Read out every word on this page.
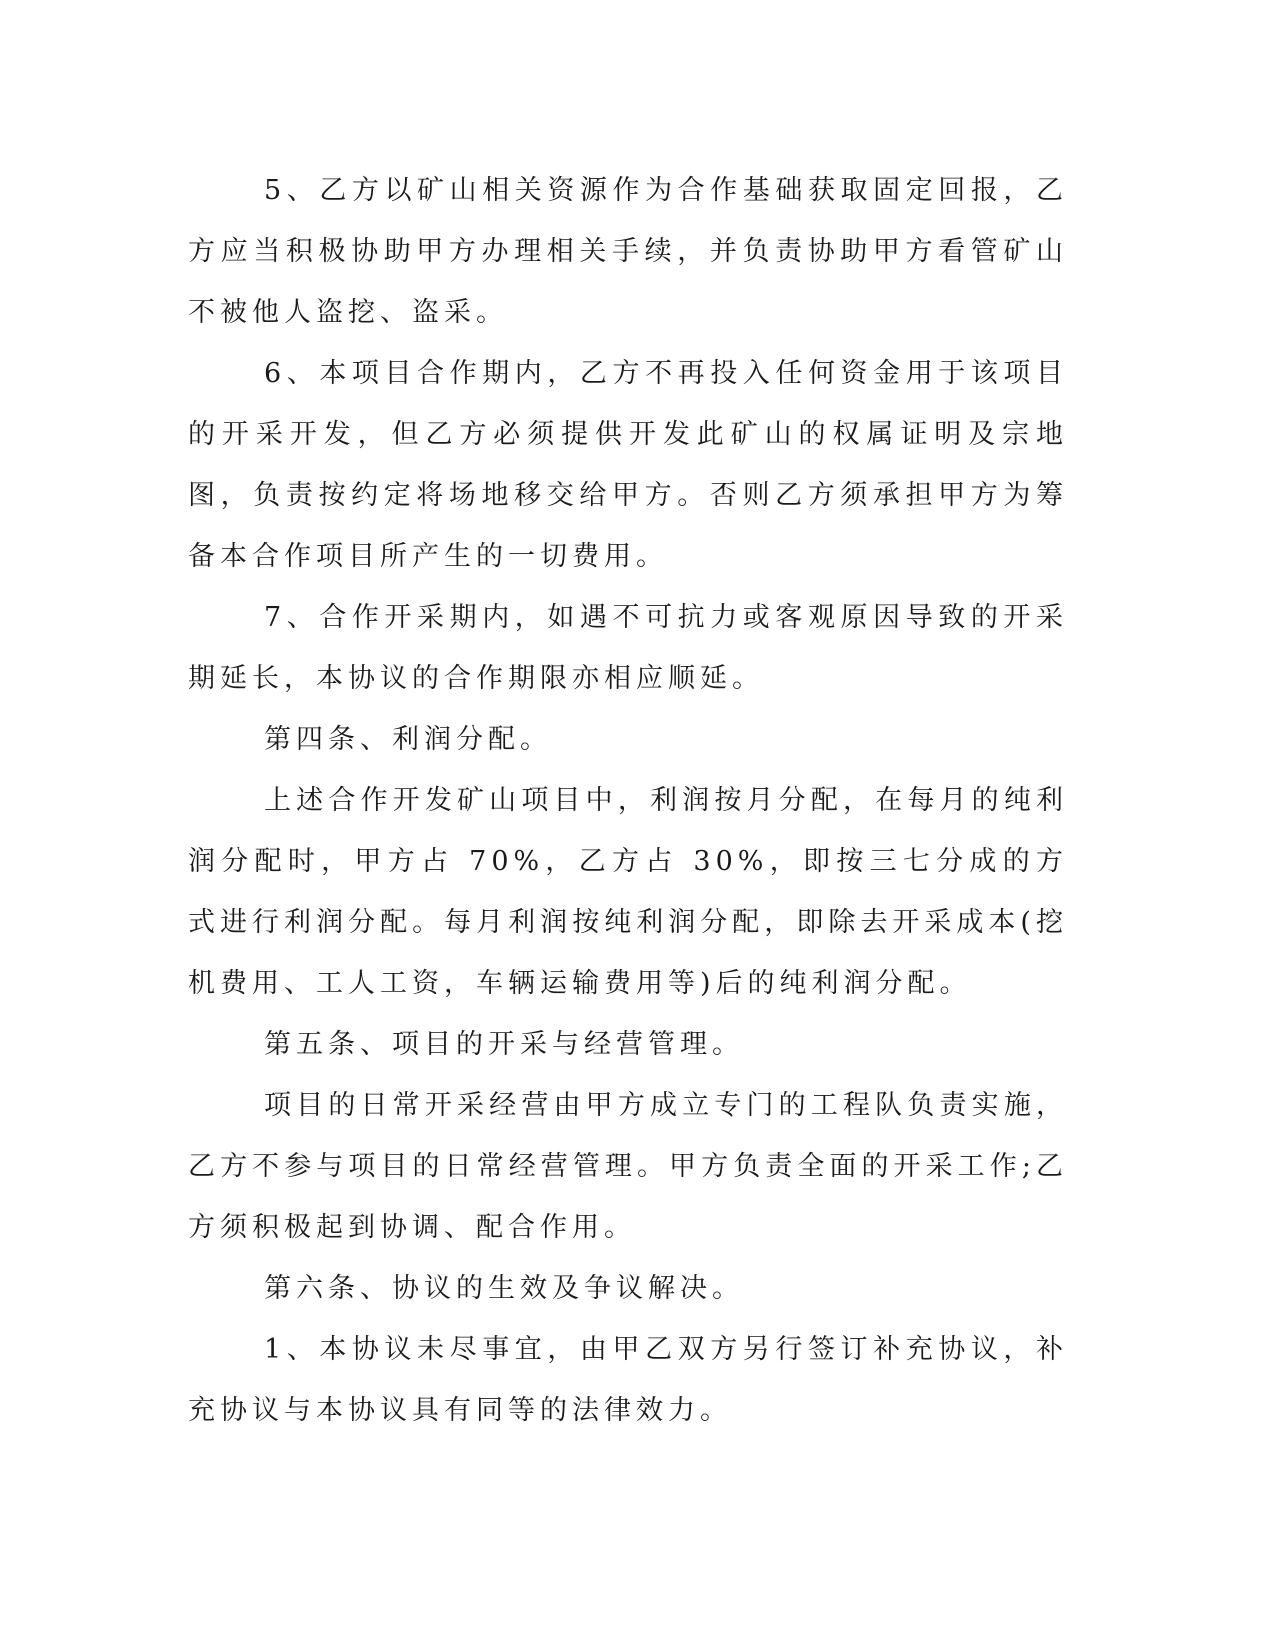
5、乙方以矿山相关资源作为合作基础获取固定回报，乙方应当积极协助甲方办理相关手续，并负责协助甲方看管矿山不被他人盗挖、盗采。

6、本项目合作期内，乙方不再投入任何资金用于该项目的开采开发，但乙方必须提供开发此矿山的权属证明及宗地图，负责按约定将场地移交给甲方。否则乙方须承担甲方为筹备本合作项目所产生的一切费用。

7、合作开采期内，如遇不可抗力或客观原因导致的开采期延长，本协议的合作期限亦相应顺延。

第四条、利润分配。

上述合作开发矿山项目中，利润按月分配，在每月的纯利润分配时，甲方占 70%，乙方占 30%，即按三七分成的方式进行利润分配。每月利润按纯利润分配，即除去开采成本(挖机费用、工人工资，车辆运输费用等)后的纯利润分配。

第五条、项目的开采与经营管理。

项目的日常开采经营由甲方成立专门的工程队负责实施，乙方不参与项目的日常经营管理。甲方负责全面的开采工作;乙方须积极起到协调、配合作用。

第六条、协议的生效及争议解决。

1、本协议未尽事宜，由甲乙双方另行签订补充协议，补充协议与本协议具有同等的法律效力。
